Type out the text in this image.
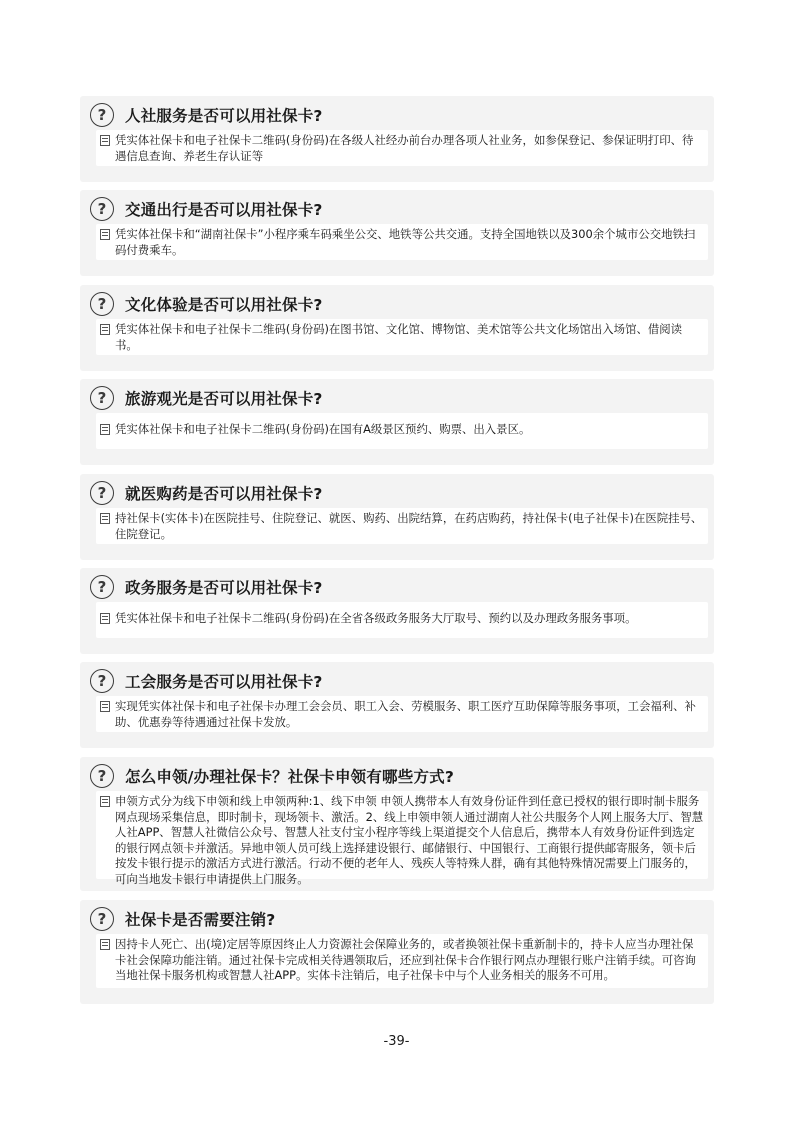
?	人社服务是否可以用社保卡?
凭实体社保卡和电子社保卡二维码(身份码)在各级人社经办前台办理各项人社业务，如参保登记、参保证明打印、待遇信息查询、养老生存认证等
?	交通出行是否可以用社保卡?
凭实体社保卡和“湖南社保卡”小程序乘车码乘坐公交、地铁等公共交通。支持全国地铁以及300余个城市公交地铁扫码付费乘车。
?	文化体验是否可以用社保卡?
凭实体社保卡和电子社保卡二维码(身份码)在图书馆、文化馆、博物馆、美术馆等公共文化场馆出入场馆、借阅读书。
?	旅游观光是否可以用社保卡?
凭实体社保卡和电子社保卡二维码(身份码)在国有A级景区预约、购票、出入景区。
?	就医购药是否可以用社保卡?
持社保卡(实体卡)在医院挂号、住院登记、就医、购药、出院结算，在药店购药，持社保卡(电子社保卡)在医院挂号、住院登记。
?	政务服务是否可以用社保卡?
凭实体社保卡和电子社保卡二维码(身份码)在全省各级政务服务大厅取号、预约以及办理政务服务事项。
?	工会服务是否可以用社保卡?
实现凭实体社保卡和电子社保卡办理工会会员、职工入会、劳模服务、职工医疗互助保障等服务事项，工会福利、补助、优惠券等待遇通过社保卡发放。
?	怎么申领/办理社保卡？社保卡申领有哪些方式?
申领方式分为线下申领和线上申领两种:1、线下申领 申领人携带本人有效身份证件到任意已授权的银行即时制卡服务网点现场采集信息，即时制卡，现场领卡、激活。2、线上申领申领人通过湖南人社公共服务个人网上服务大厅、智慧人社APP、智慧人社微信公众号、智慧人社支付宝小程序等线上渠道提交个人信息后，携带本人有效身份证件到选定的银行网点领卡并激活。异地申领人员可线上选择建设银行、邮储银行、中国银行、工商银行提供邮寄服务，领卡后按发卡银行提示的激活方式进行激活。行动不便的老年人、残疾人等特殊人群，确有其他特殊情况需要上门服务的，可向当地发卡银行申请提供上门服务。
?	社保卡是否需要注销?
因持卡人死亡、出(境)定居等原因终止人力资源社会保障业务的，或者换领社保卡重新制卡的，持卡人应当办理社保卡社会保障功能注销。通过社保卡完成相关待遇领取后，还应到社保卡合作银行网点办理银行账户注销手续。可咨询当地社保卡服务机构或智慧人社APP。实体卡注销后，电子社保卡中与个人业务相关的服务不可用。
-39-
